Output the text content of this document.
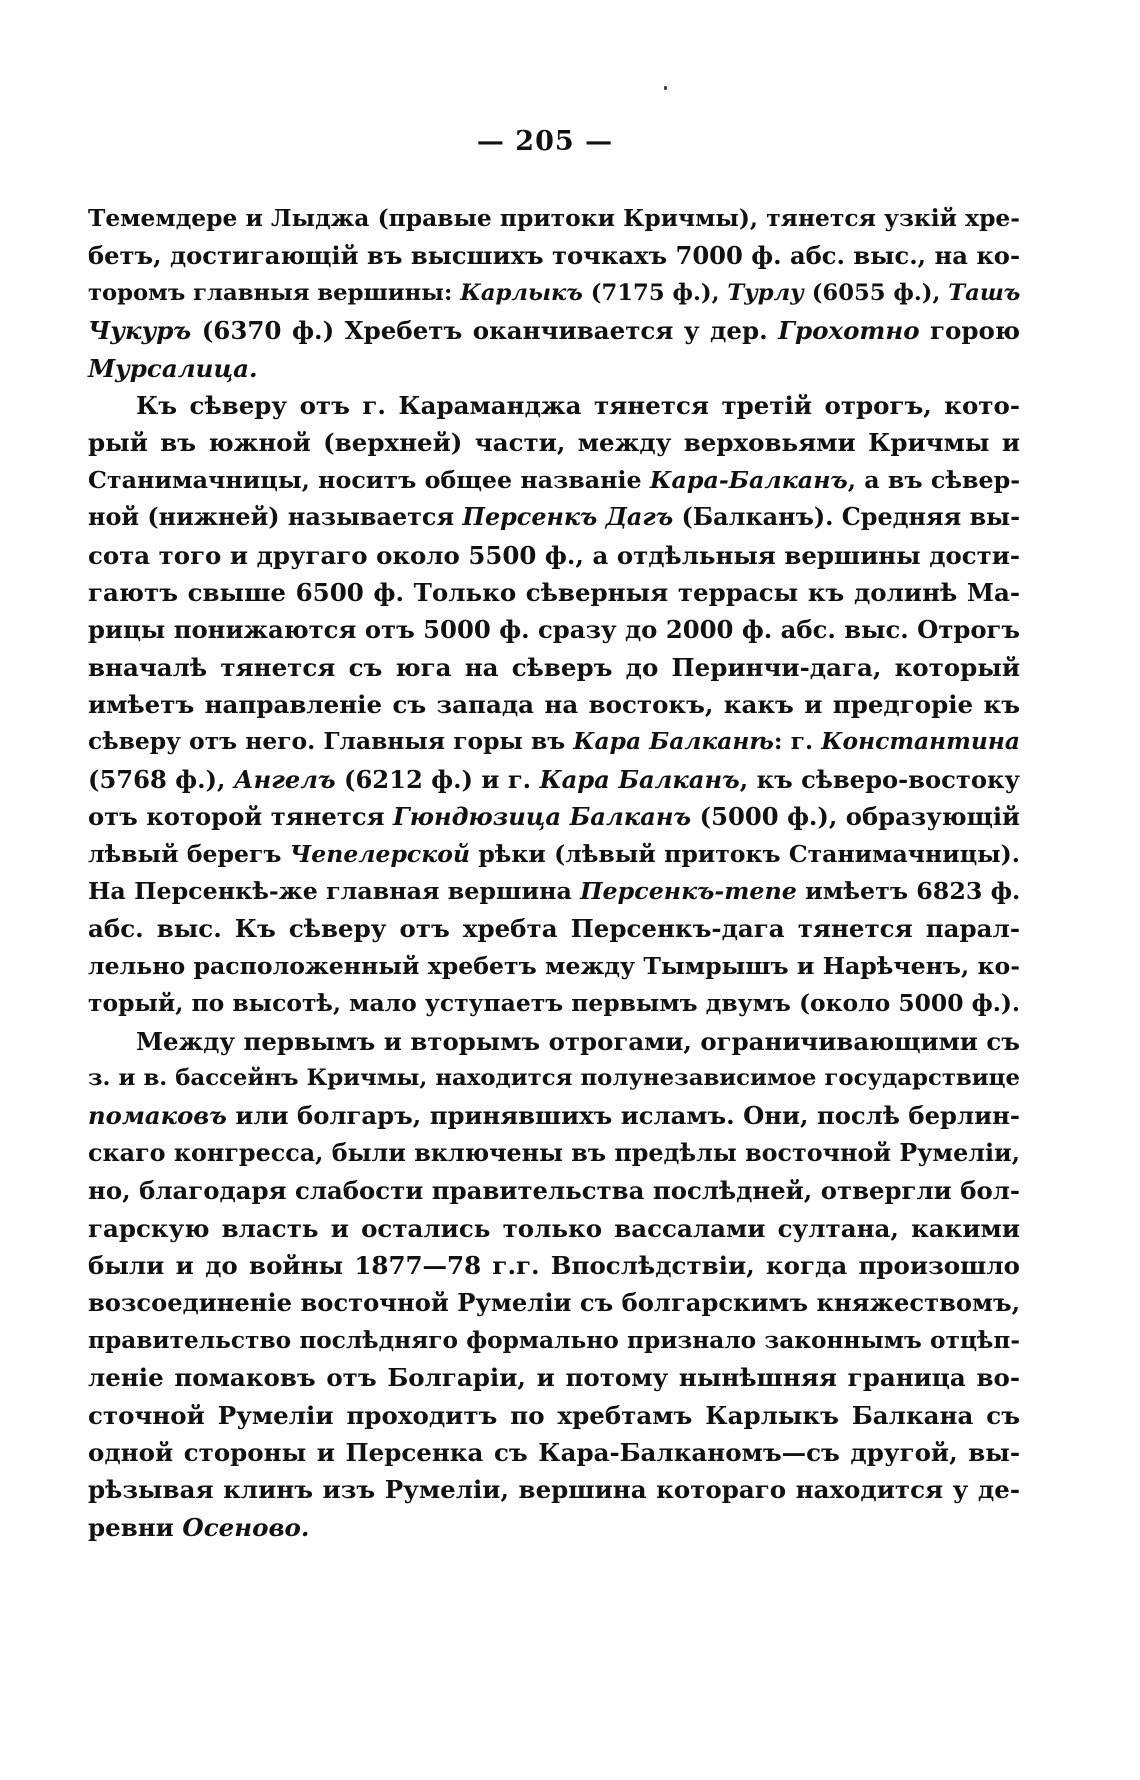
— 205 —
Темемдере и Лыджа (правые притоки Кричмы), тянется узкій хре-
бетъ, достигающій въ высшихъ точкахъ 7000 ф. абс. выс., на ко-
торомъ главныя вершины: Карлыкъ (7175 ф.), Турлу (6055 ф.), Ташъ
Чукуръ (6370 ф.) Хребетъ оканчивается у дер. Грохотно горою
Мурсалица.
Къ сѣверу отъ г. Караманджа тянется третій отрогъ, кото-
рый въ южной (верхней) части, между верховьями Кричмы и
Станимачницы, носитъ общее названіе Кара-Балканъ, а въ сѣвер-
ной (нижней) называется Персенкъ Дагъ (Балканъ). Средняя вы-
сота того и другаго около 5500 ф., а отдѣльныя вершины дости-
гаютъ свыше 6500 ф. Только сѣверныя террасы къ долинѣ Ма-
рицы понижаются отъ 5000 ф. сразу до 2000 ф. абс. выс. Отрогъ
вначалѣ тянется съ юга на сѣверъ до Перинчи-дага, который
имѣетъ направленіе съ запада на востокъ, какъ и предгоріе къ
сѣверу отъ него. Главныя горы въ Кара Балканѣ: г. Константина
(5768 ф.), Ангелъ (6212 ф.) и г. Кара Балканъ, къ сѣверо-востоку
отъ которой тянется Гюндюзица Балканъ (5000 ф.), образующій
лѣвый берегъ Чепелерской рѣки (лѣвый притокъ Станимачницы).
На Персенкѣ-же главная вершина Персенкъ-тепе имѣетъ 6823 ф.
абс. выс. Къ сѣверу отъ хребта Персенкъ-дага тянется парал-
лельно расположенный хребетъ между Тымрышъ и Нарѣченъ, ко-
торый, по высотѣ, мало уступаетъ первымъ двумъ (около 5000 ф.).
Между первымъ и вторымъ отрогами, ограничивающими съ
з. и в. бассейнъ Кричмы, находится полунезависимое государствице
помаковъ или болгаръ, принявшихъ исламъ. Они, послѣ берлин-
скаго конгресса, были включены въ предѣлы восточной Румеліи,
но, благодаря слабости правительства послѣдней, отвергли бол-
гарскую власть и остались только вассалами султана, какими
были и до войны 1877—78 г.г. Впослѣдствіи, когда произошло
возсоединеніе восточной Румеліи съ болгарскимъ княжествомъ,
правительство послѣдняго формально признало законнымъ отцѣп-
леніе помаковъ отъ Болгаріи, и потому нынѣшняя граница во-
сточной Румеліи проходитъ по хребтамъ Карлыкъ Балкана съ
одной стороны и Персенка съ Кара-Балканомъ—съ другой, вы-
рѣзывая клинъ изъ Румеліи, вершина котораго находится у де-
ревни Осеново.
